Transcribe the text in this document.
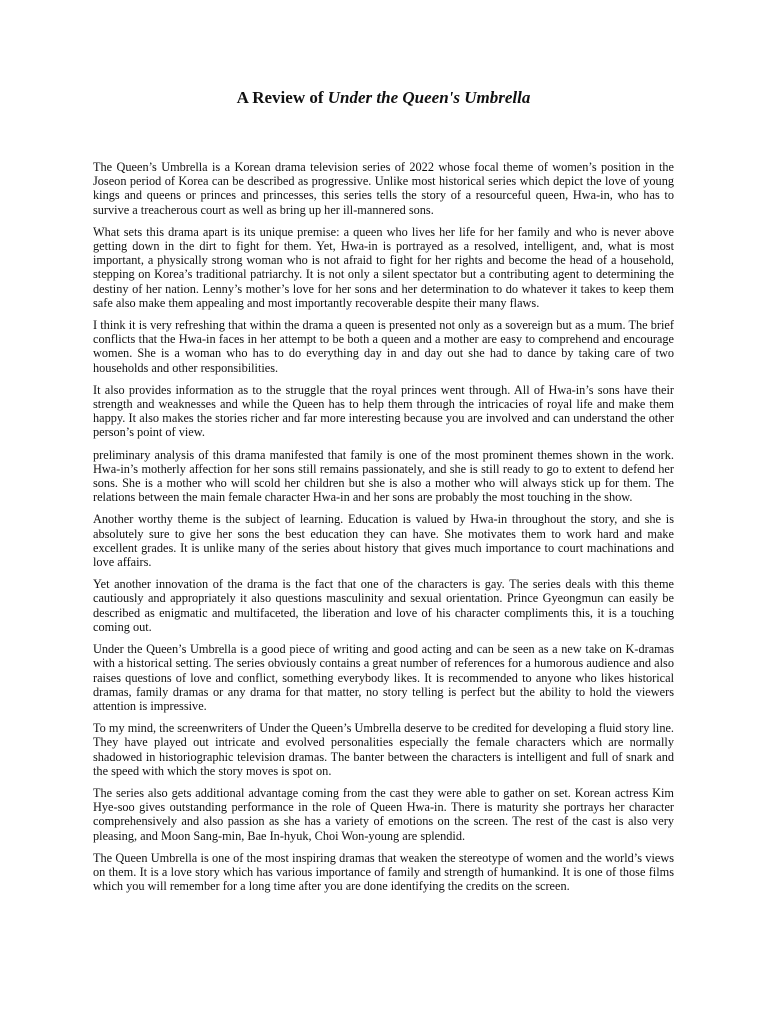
A Review of Under the Queen's Umbrella

The Queen’s Umbrella is a Korean drama television series of 2022 whose focal theme of women’s position in the Joseon period of Korea can be described as progressive. Unlike most historical series which depict the love of young kings and queens or princes and princesses, this series tells the story of a resourceful queen, Hwa-in, who has to survive a treacherous court as well as bring up her ill-mannered sons.

What sets this drama apart is its unique premise: a queen who lives her life for her family and who is never above getting down in the dirt to fight for them. Yet, Hwa-in is portrayed as a resolved, intelligent, and, what is most important, a physically strong woman who is not afraid to fight for her rights and become the head of a household, stepping on Korea’s traditional patriarchy. It is not only a silent spectator but a contributing agent to determining the destiny of her nation. Lenny’s mother’s love for her sons and her determination to do whatever it takes to keep them safe also make them appealing and most importantly recoverable despite their many flaws.

I think it is very refreshing that within the drama a queen is presented not only as a sovereign but as a mum. The brief conflicts that the Hwa-in faces in her attempt to be both a queen and a mother are easy to comprehend and encourage women. She is a woman who has to do everything day in and day out she had to dance by taking care of two households and other responsibilities.

It also provides information as to the struggle that the royal princes went through. All of Hwa-in’s sons have their strength and weaknesses and while the Queen has to help them through the intricacies of royal life and make them happy. It also makes the stories richer and far more interesting because you are involved and can understand the other person’s point of view.

preliminary analysis of this drama manifested that family is one of the most prominent themes shown in the work. Hwa-in’s motherly affection for her sons still remains passionately, and she is still ready to go to extent to defend her sons. She is a mother who will scold her children but she is also a mother who will always stick up for them. The relations between the main female character Hwa-in and her sons are probably the most touching in the show.

Another worthy theme is the subject of learning. Education is valued by Hwa-in throughout the story, and she is absolutely sure to give her sons the best education they can have. She motivates them to work hard and make excellent grades. It is unlike many of the series about history that gives much importance to court machinations and love affairs.

Yet another innovation of the drama is the fact that one of the characters is gay. The series deals with this theme cautiously and appropriately it also questions masculinity and sexual orientation. Prince Gyeongmun can easily be described as enigmatic and multifaceted, the liberation and love of his character compliments this, it is a touching coming out.

Under the Queen’s Umbrella is a good piece of writing and good acting and can be seen as a new take on K-dramas with a historical setting. The series obviously contains a great number of references for a humorous audience and also raises questions of love and conflict, something everybody likes. It is recommended to anyone who likes historical dramas, family dramas or any drama for that matter, no story telling is perfect but the ability to hold the viewers attention is impressive.

To my mind, the screenwriters of Under the Queen’s Umbrella deserve to be credited for developing a fluid story line. They have played out intricate and evolved personalities especially the female characters which are normally shadowed in historiographic television dramas. The banter between the characters is intelligent and full of snark and the speed with which the story moves is spot on.

The series also gets additional advantage coming from the cast they were able to gather on set. Korean actress Kim Hye-soo gives outstanding performance in the role of Queen Hwa-in. There is maturity she portrays her character comprehensively and also passion as she has a variety of emotions on the screen. The rest of the cast is also very pleasing, and Moon Sang-min, Bae In-hyuk, Choi Won-young are splendid.

The Queen Umbrella is one of the most inspiring dramas that weaken the stereotype of women and the world’s views on them. It is a love story which has various importance of family and strength of humankind. It is one of those films which you will remember for a long time after you are done identifying the credits on the screen.
